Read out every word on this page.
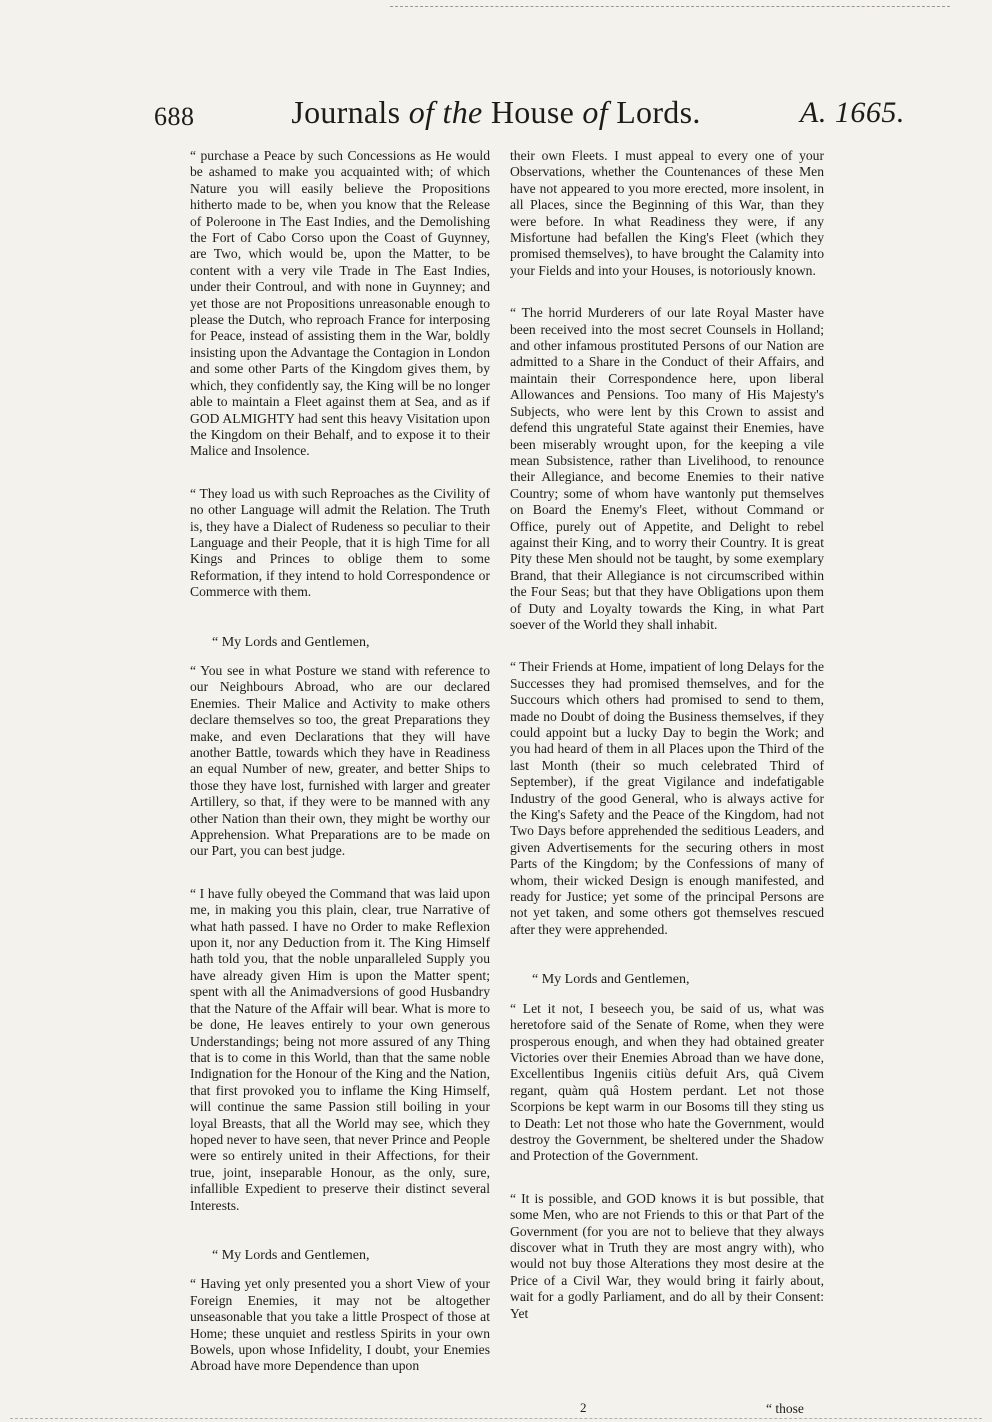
688	Journals of the House of Lords.	A. 1665.

“ purchase a Peace by such Concessions as He would be ashamed to make you acquainted with; of which Nature you will easily believe the Propositions hitherto made to be, when you know that the Release of Poleroone in The East Indies, and the Demolishing the Fort of Cabo Corso upon the Coast of Guynney, are Two, which would be, upon the Matter, to be content with a very vile Trade in The East Indies, under their Controul, and with none in Guynney; and yet those are not Propositions unreasonable enough to please the Dutch, who reproach France for interposing for Peace, instead of assisting them in the War, boldly insisting upon the Advantage the Contagion in London and some other Parts of the Kingdom gives them, by which, they confidently say, the King will be no longer able to maintain a Fleet against them at Sea, and as if GOD ALMIGHTY had sent this heavy Visitation upon the Kingdom on their Behalf, and to expose it to their Malice and Insolence.

“ They load us with such Reproaches as the Civility of no other Language will admit the Relation. The Truth is, they have a Dialect of Rudeness so peculiar to their Language and their People, that it is high Time for all Kings and Princes to oblige them to some Reformation, if they intend to hold Correspondence or Commerce with them.

“ My Lords and Gentlemen,

“ You see in what Posture we stand with reference to our Neighbours Abroad, who are our declared Enemies. Their Malice and Activity to make others declare themselves so too, the great Preparations they make, and even Declarations that they will have another Battle, towards which they have in Readiness an equal Number of new, greater, and better Ships to those they have lost, furnished with larger and greater Artillery, so that, if they were to be manned with any other Nation than their own, they might be worthy our Apprehension. What Preparations are to be made on our Part, you can best judge.

“ I have fully obeyed the Command that was laid upon me, in making you this plain, clear, true Narrative of what hath passed. I have no Order to make Reflexion upon it, nor any Deduction from it. The King Himself hath told you, that the noble unparalleled Supply you have already given Him is upon the Matter spent; spent with all the Animadversions of good Husbandry that the Nature of the Affair will bear. What is more to be done, He leaves entirely to your own generous Understandings; being not more assured of any Thing that is to come in this World, than that the same noble Indignation for the Honour of the King and the Nation, that first provoked you to inflame the King Himself, will continue the same Passion still boiling in your loyal Breasts, that all the World may see, which they hoped never to have seen, that never Prince and People were so entirely united in their Affections, for their true, joint, inseparable Honour, as the only, sure, infallible Expedient to preserve their distinct several Interests.

“ My Lords and Gentlemen,

“ Having yet only presented you a short View of your Foreign Enemies, it may not be altogether unseasonable that you take a little Prospect of those at Home; these unquiet and restless Spirits in your own Bowels, upon whose Infidelity, I doubt, your Enemies Abroad have more Dependence than upon

their own Fleets. I must appeal to every one of your Observations, whether the Countenances of these Men have not appeared to you more erected, more insolent, in all Places, since the Beginning of this War, than they were before. In what Readiness they were, if any Misfortune had befallen the King's Fleet (which they promised themselves), to have brought the Calamity into your Fields and into your Houses, is notoriously known.

“ The horrid Murderers of our late Royal Master have been received into the most secret Counsels in Holland; and other infamous prostituted Persons of our Nation are admitted to a Share in the Conduct of their Affairs, and maintain their Correspondence here, upon liberal Allowances and Pensions. Too many of His Majesty's Subjects, who were lent by this Crown to assist and defend this ungrateful State against their Enemies, have been miserably wrought upon, for the keeping a vile mean Subsistence, rather than Livelihood, to renounce their Allegiance, and become Enemies to their native Country; some of whom have wantonly put themselves on Board the Enemy's Fleet, without Command or Office, purely out of Appetite, and Delight to rebel against their King, and to worry their Country. It is great Pity these Men should not be taught, by some exemplary Brand, that their Allegiance is not circumscribed within the Four Seas; but that they have Obligations upon them of Duty and Loyalty towards the King, in what Part soever of the World they shall inhabit.

“ Their Friends at Home, impatient of long Delays for the Successes they had promised themselves, and for the Succours which others had promised to send to them, made no Doubt of doing the Business themselves, if they could appoint but a lucky Day to begin the Work; and you had heard of them in all Places upon the Third of the last Month (their so much celebrated Third of September), if the great Vigilance and indefatigable Industry of the good General, who is always active for the King's Safety and the Peace of the Kingdom, had not Two Days before apprehended the seditious Leaders, and given Advertisements for the securing others in most Parts of the Kingdom; by the Confessions of many of whom, their wicked Design is enough manifested, and ready for Justice; yet some of the principal Persons are not yet taken, and some others got themselves rescued after they were apprehended.

“ My Lords and Gentlemen,

“ Let it not, I beseech you, be said of us, what was heretofore said of the Senate of Rome, when they were prosperous enough, and when they had obtained greater Victories over their Enemies Abroad than we have done, Excellentibus Ingeniis citiùs defuit Ars, quâ Civem regant, quàm quâ Hostem perdant. Let not those Scorpions be kept warm in our Bosoms till they sting us to Death: Let not those who hate the Government, would destroy the Government, be sheltered under the Shadow and Protection of the Government.

“ It is possible, and GOD knows it is but possible, that some Men, who are not Friends to this or that Part of the Government (for you are not to believe that they always discover what in Truth they are most angry with), who would not buy those Alterations they most desire at the Price of a Civil War, they would bring it fairly about, wait for a godly Parliament, and do all by their Consent: Yet

2	“ those
